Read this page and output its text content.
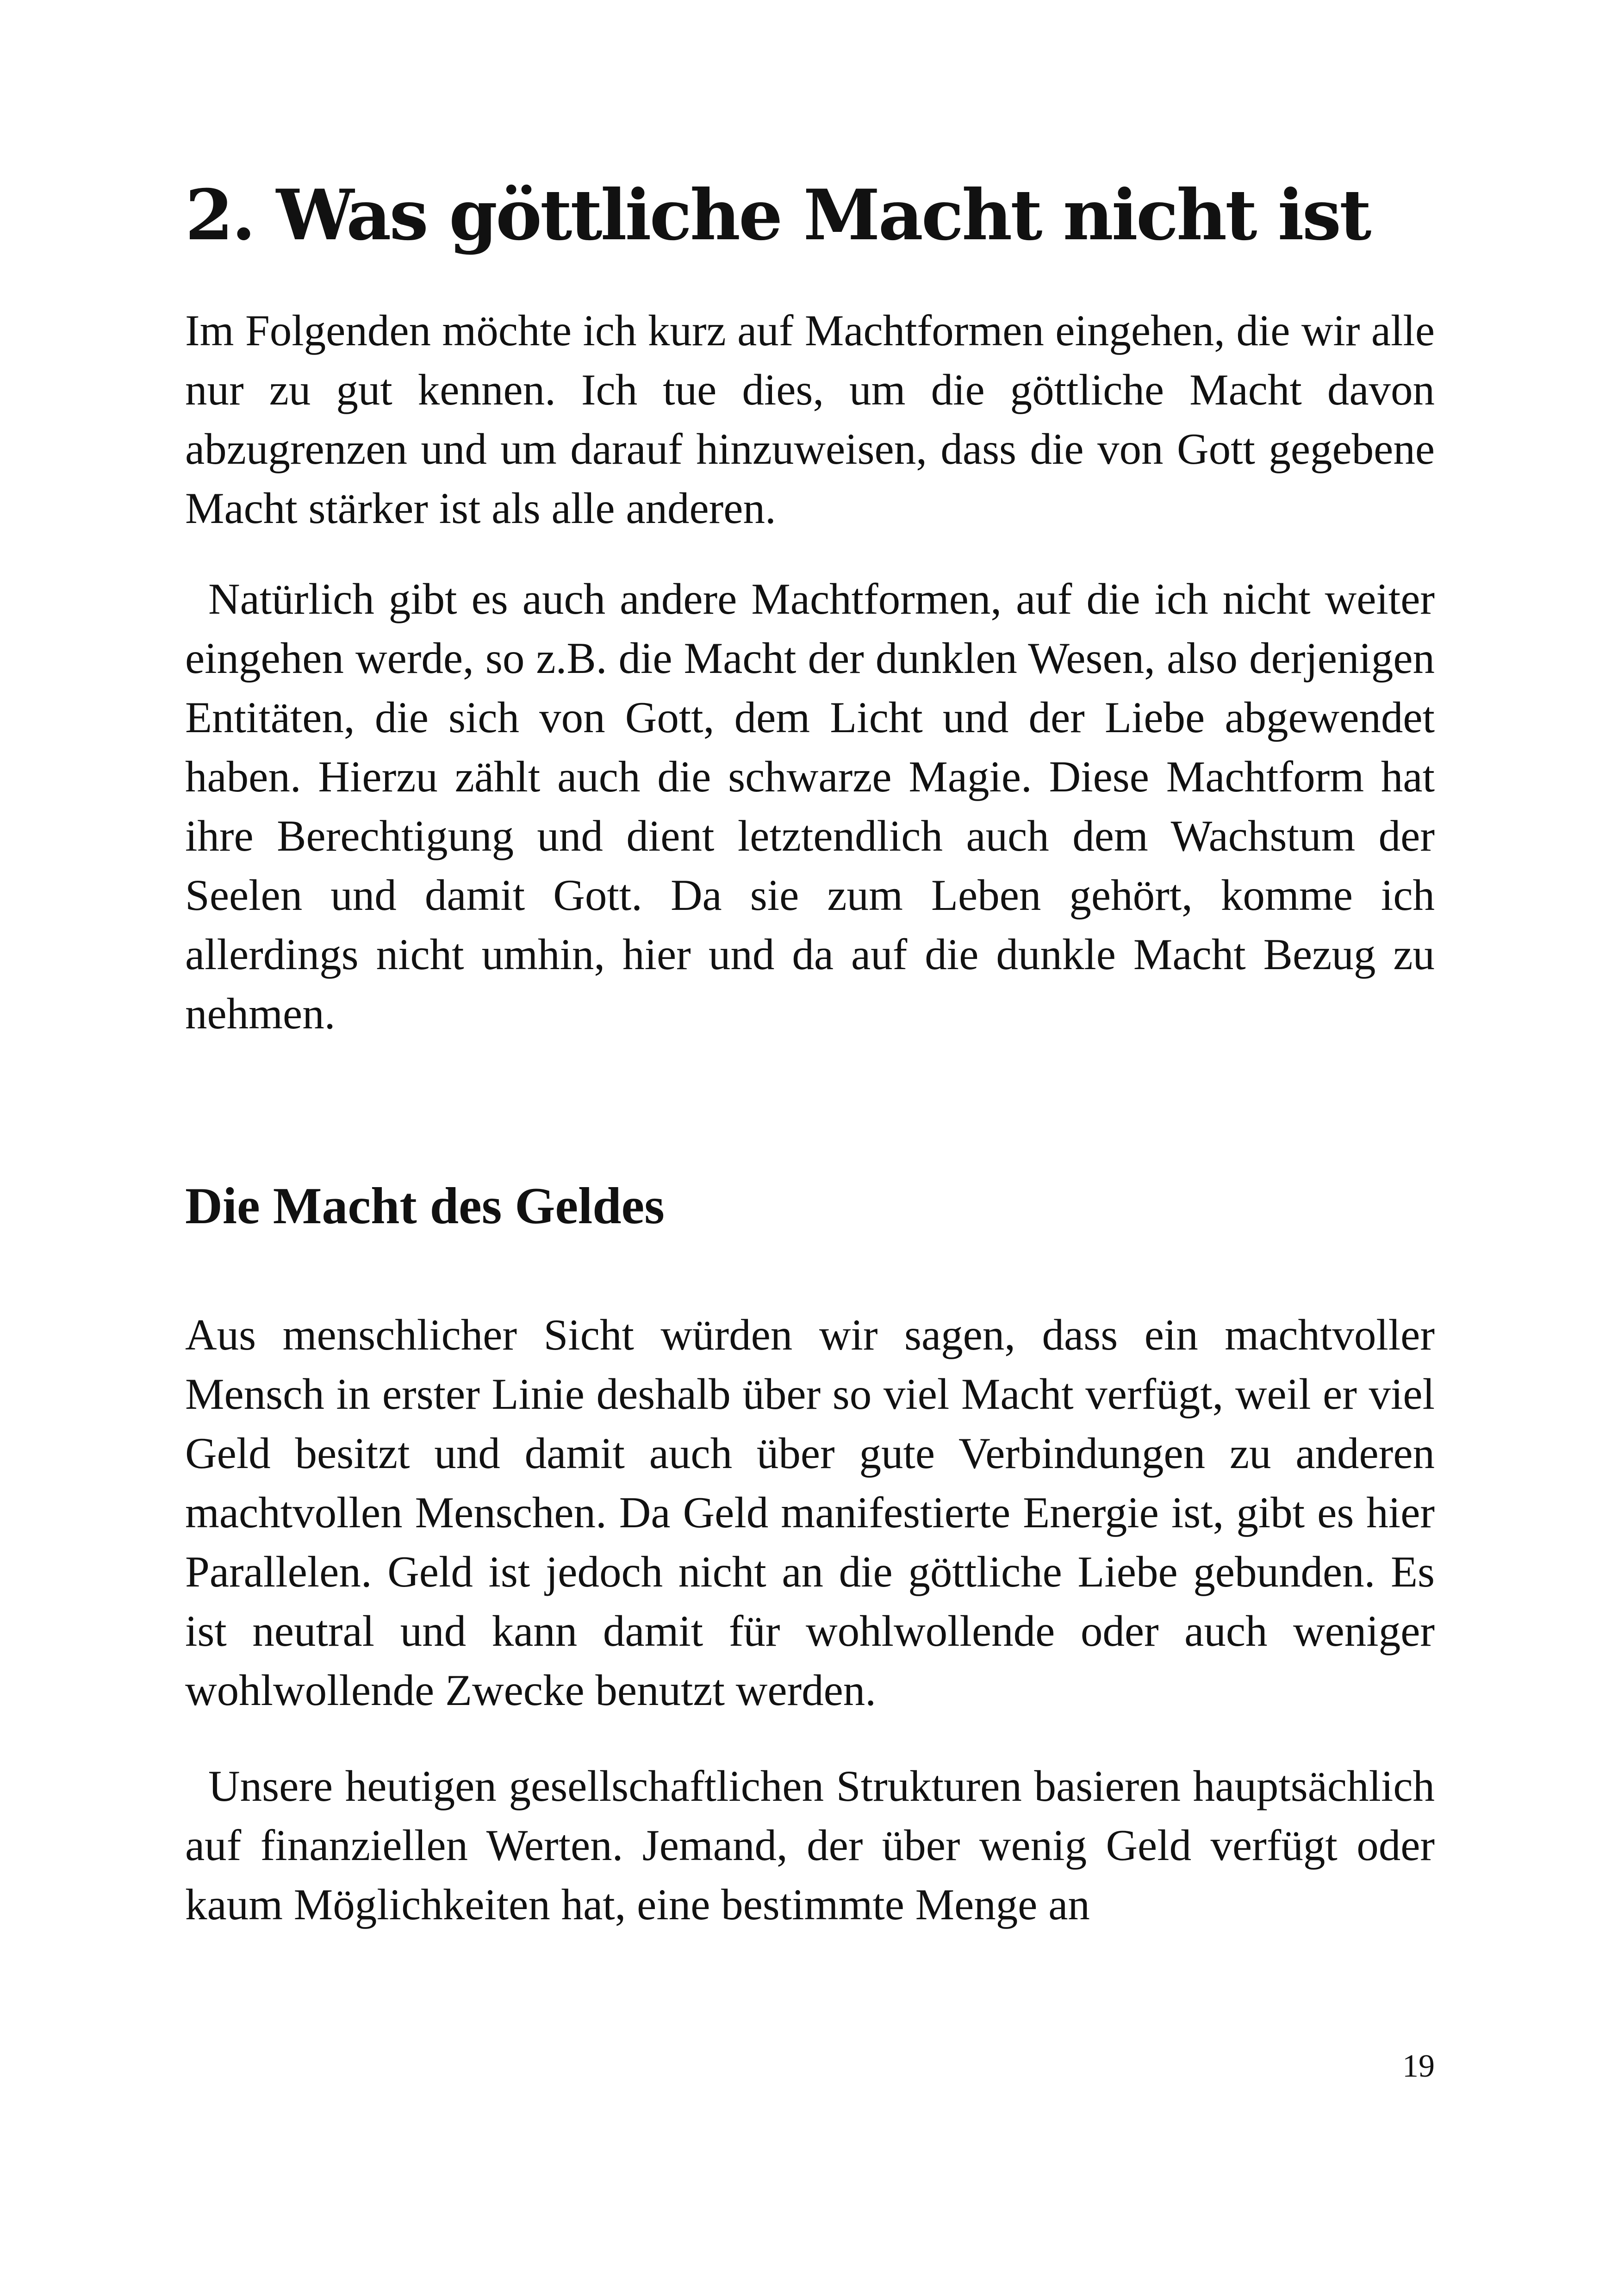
2. Was göttliche Macht nicht ist

Im Folgenden möchte ich kurz auf Machtformen eingehen, die wir alle nur zu gut kennen. Ich tue dies, um die göttliche Macht davon abzugrenzen und um darauf hinzuweisen, dass die von Gott gegebene Macht stärker ist als alle anderen.

Natürlich gibt es auch andere Machtformen, auf die ich nicht weiter eingehen werde, so z.B. die Macht der dunklen Wesen, also derjenigen Entitäten, die sich von Gott, dem Licht und der Liebe abgewendet haben. Hierzu zählt auch die schwarze Magie. Diese Machtform hat ihre Berechtigung und dient letztendlich auch dem Wachstum der Seelen und damit Gott. Da sie zum Leben gehört, komme ich allerdings nicht umhin, hier und da auf die dunkle Macht Bezug zu nehmen.

Die Macht des Geldes

Aus menschlicher Sicht würden wir sagen, dass ein machtvoller Mensch in erster Linie deshalb über so viel Macht verfügt, weil er viel Geld besitzt und damit auch über gute Verbindungen zu anderen machtvollen Menschen. Da Geld manifestierte Energie ist, gibt es hier Parallelen. Geld ist jedoch nicht an die göttliche Liebe gebunden. Es ist neutral und kann damit für wohlwollende oder auch weniger wohlwollende Zwecke benutzt werden.

Unsere heutigen gesellschaftlichen Strukturen basieren hauptsächlich auf finanziellen Werten. Jemand, der über wenig Geld verfügt oder kaum Möglichkeiten hat, eine bestimmte Menge an

19
